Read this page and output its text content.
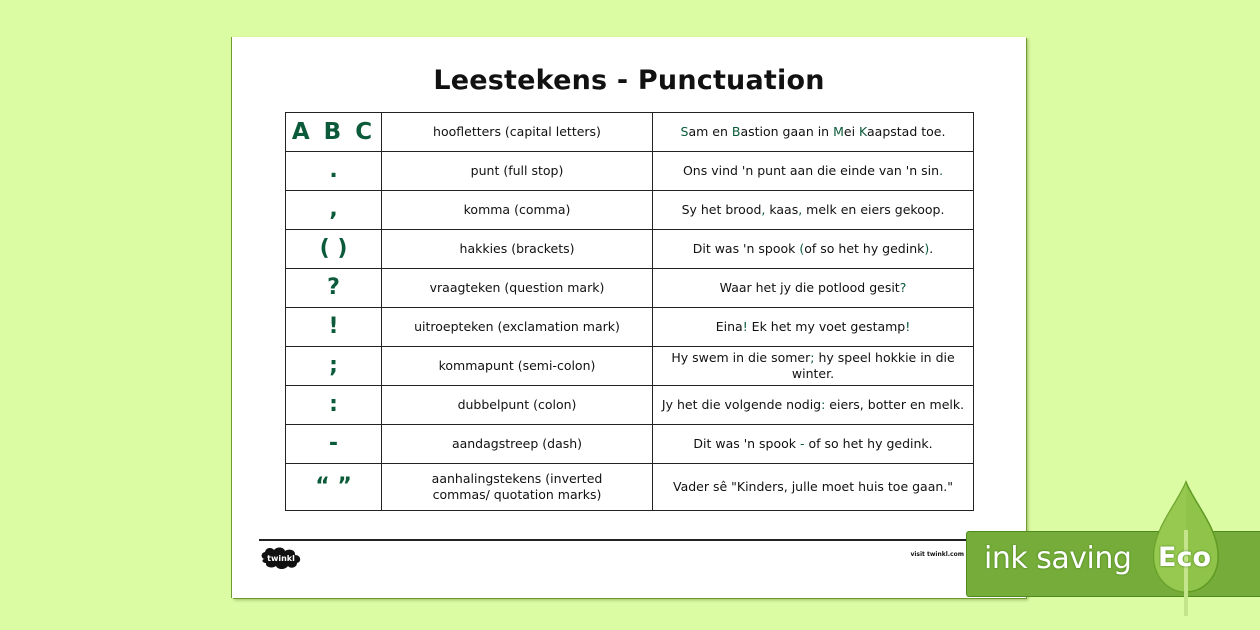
Leestekens - Punctuation
A B C	hoofletters (capital letters)	Sam en Bastion gaan in Mei Kaapstad toe.
.	punt (full stop)	Ons vind 'n punt aan die einde van 'n sin.
,	komma (comma)	Sy het brood, kaas, melk en eiers gekoop.
( )	hakkies (brackets)	Dit was 'n spook (of so het hy gedink).
?	vraagteken (question mark)	Waar het jy die potlood gesit?
!	uitroepteken (exclamation mark)	Eina! Ek het my voet gestamp!
;	kommapunt (semi-colon)	Hy swem in die somer; hy speel hokkie in die winter.
:	dubbelpunt (colon)	Jy het die volgende nodig: eiers, botter en melk.
-	aandagstreep (dash)	Dit was 'n spook - of so het hy gedink.
“ ”	aanhalingstekens (inverted commas/ quotation marks)	Vader sê "Kinders, julle moet huis toe gaan."
twinkl	visit twinkl.com ink saving Eco
